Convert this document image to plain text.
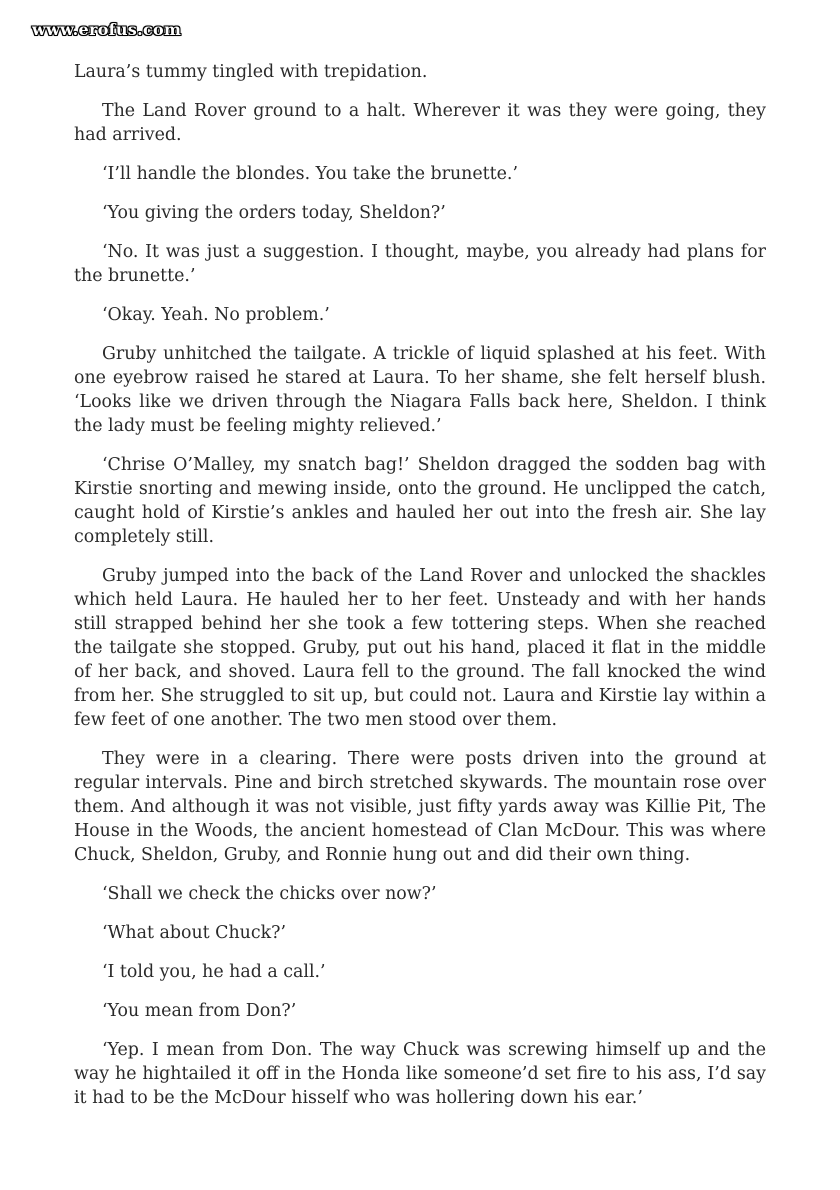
www.erofus.com

Laura’s tummy tingled with trepidation.

The Land Rover ground to a halt. Wherever it was they were going, they had arrived.

‘I’ll handle the blondes. You take the brunette.’

‘You giving the orders today, Sheldon?’

‘No. It was just a suggestion. I thought, maybe, you already had plans for the brunette.’

‘Okay. Yeah. No problem.’

Gruby unhitched the tailgate. A trickle of liquid splashed at his feet. With one eyebrow raised he stared at Laura. To her shame, she felt herself blush. ‘Looks like we driven through the Niagara Falls back here, Sheldon. I think the lady must be feeling mighty relieved.’

‘Chrise O’Malley, my snatch bag!’ Sheldon dragged the sodden bag with Kirstie snorting and mewing inside, onto the ground. He unclipped the catch, caught hold of Kirstie’s ankles and hauled her out into the fresh air. She lay completely still.

Gruby jumped into the back of the Land Rover and unlocked the shackles which held Laura. He hauled her to her feet. Unsteady and with her hands still strapped behind her she took a few tottering steps. When she reached the tailgate she stopped. Gruby, put out his hand, placed it flat in the middle of her back, and shoved. Laura fell to the ground. The fall knocked the wind from her. She struggled to sit up, but could not. Laura and Kirstie lay within a few feet of one another. The two men stood over them.

They were in a clearing. There were posts driven into the ground at regular intervals. Pine and birch stretched skywards. The mountain rose over them. And although it was not visible, just fifty yards away was Killie Pit, The House in the Woods, the ancient homestead of Clan McDour. This was where Chuck, Sheldon, Gruby, and Ronnie hung out and did their own thing.

‘Shall we check the chicks over now?’

‘What about Chuck?’

‘I told you, he had a call.’

‘You mean from Don?’

‘Yep. I mean from Don. The way Chuck was screwing himself up and the way he hightailed it off in the Honda like someone’d set fire to his ass, I’d say it had to be the McDour hisself who was hollering down his ear.’
